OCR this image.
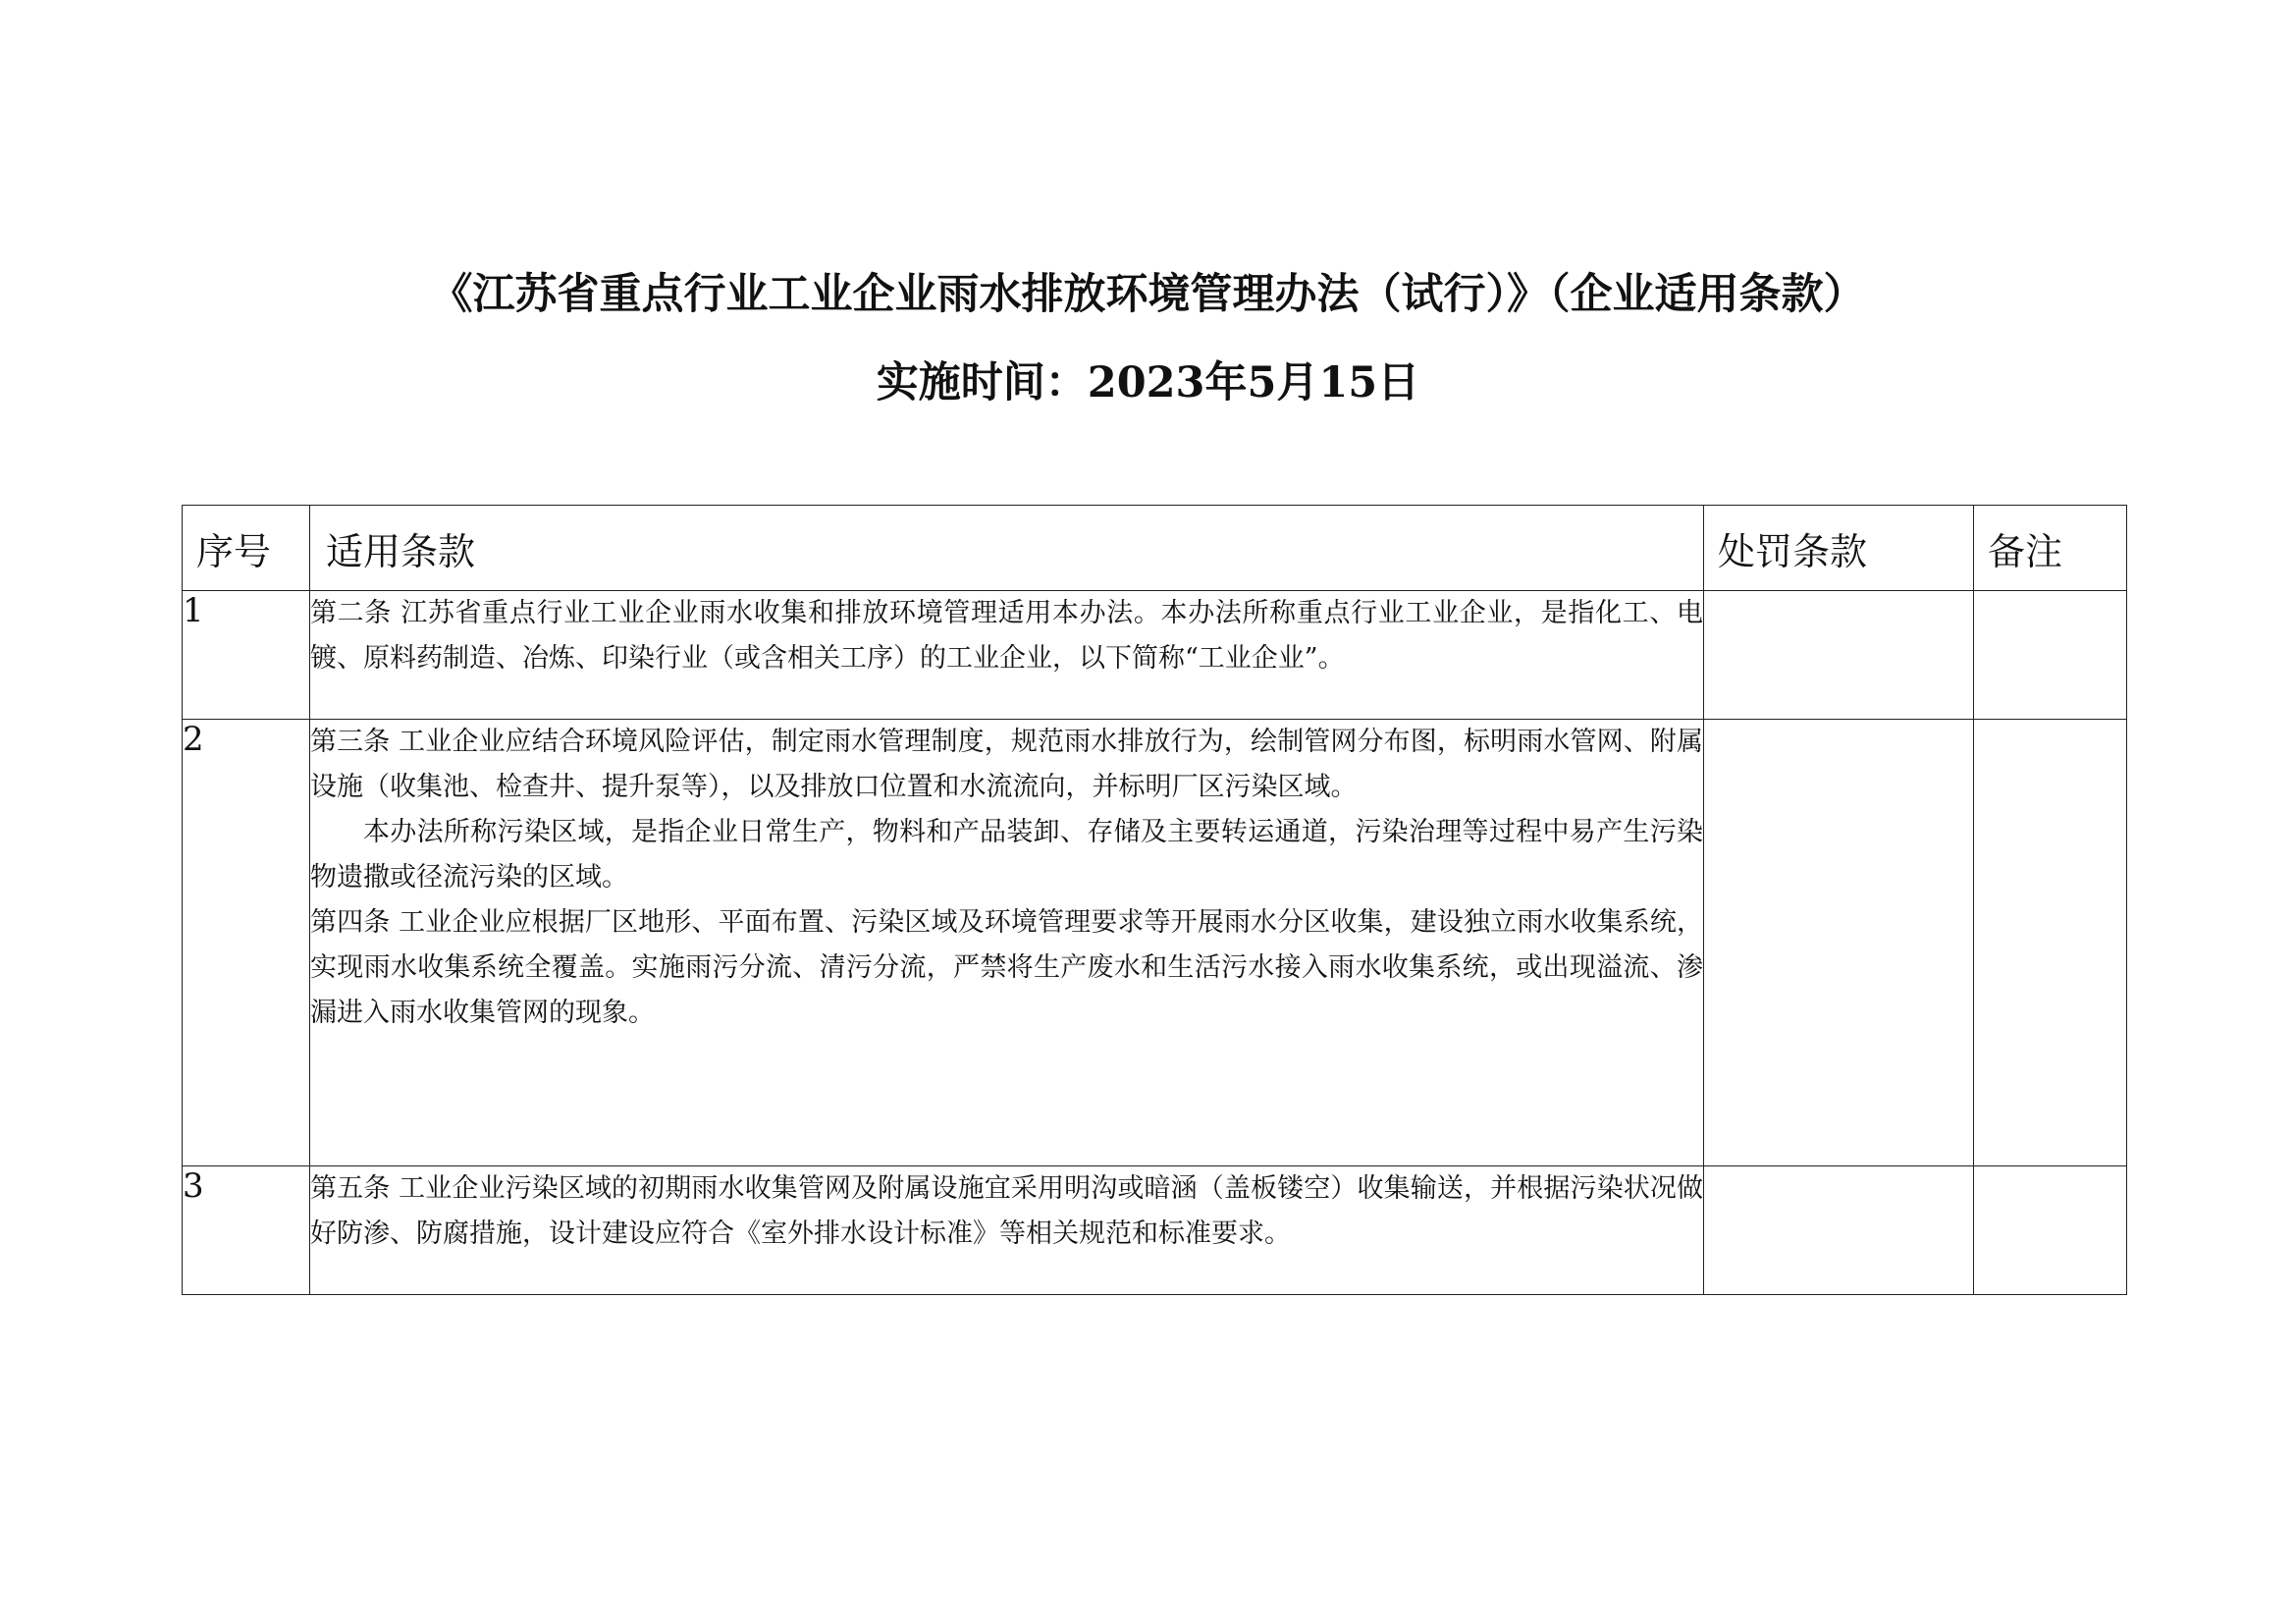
《江苏省重点行业工业企业雨水排放环境管理办法（试行）》（企业适用条款）
实施时间：2023年5月15日
序号	适用条款	处罚条款	备注
1	第二条 江苏省重点行业工业企业雨水收集和排放环境管理适用本办法。本办法所称重点行业工业企业，是指化工、电镀、原料药制造、冶炼、印染行业（或含相关工序）的工业企业，以下简称“工业企业”。		

2	第三条 工业企业应结合环境风险评估，制定雨水管理制度，规范雨水排放行为，绘制管网分布图，标明雨水管网、附属设施（收集池、检查井、提升泵等），以及排放口位置和水流流向，并标明厂区污染区域。

本办法所称污染区域，是指企业日常生产，物料和产品装卸、存储及主要转运通道，污染治理等过程中易产生污染物遗撒或径流污染的区域。

第四条 工业企业应根据厂区地形、平面布置、污染区域及环境管理要求等开展雨水分区收集，建设独立雨水收集系统，实现雨水收集系统全覆盖。实施雨污分流、清污分流，严禁将生产废水和生活污水接入雨水收集系统，或出现溢流、渗漏进入雨水收集管网的现象。		

3	第五条 工业企业污染区域的初期雨水收集管网及附属设施宜采用明沟或暗涵（盖板镂空）收集输送，并根据污染状况做好防渗、防腐措施，设计建设应符合《室外排水设计标准》等相关规范和标准要求。		
